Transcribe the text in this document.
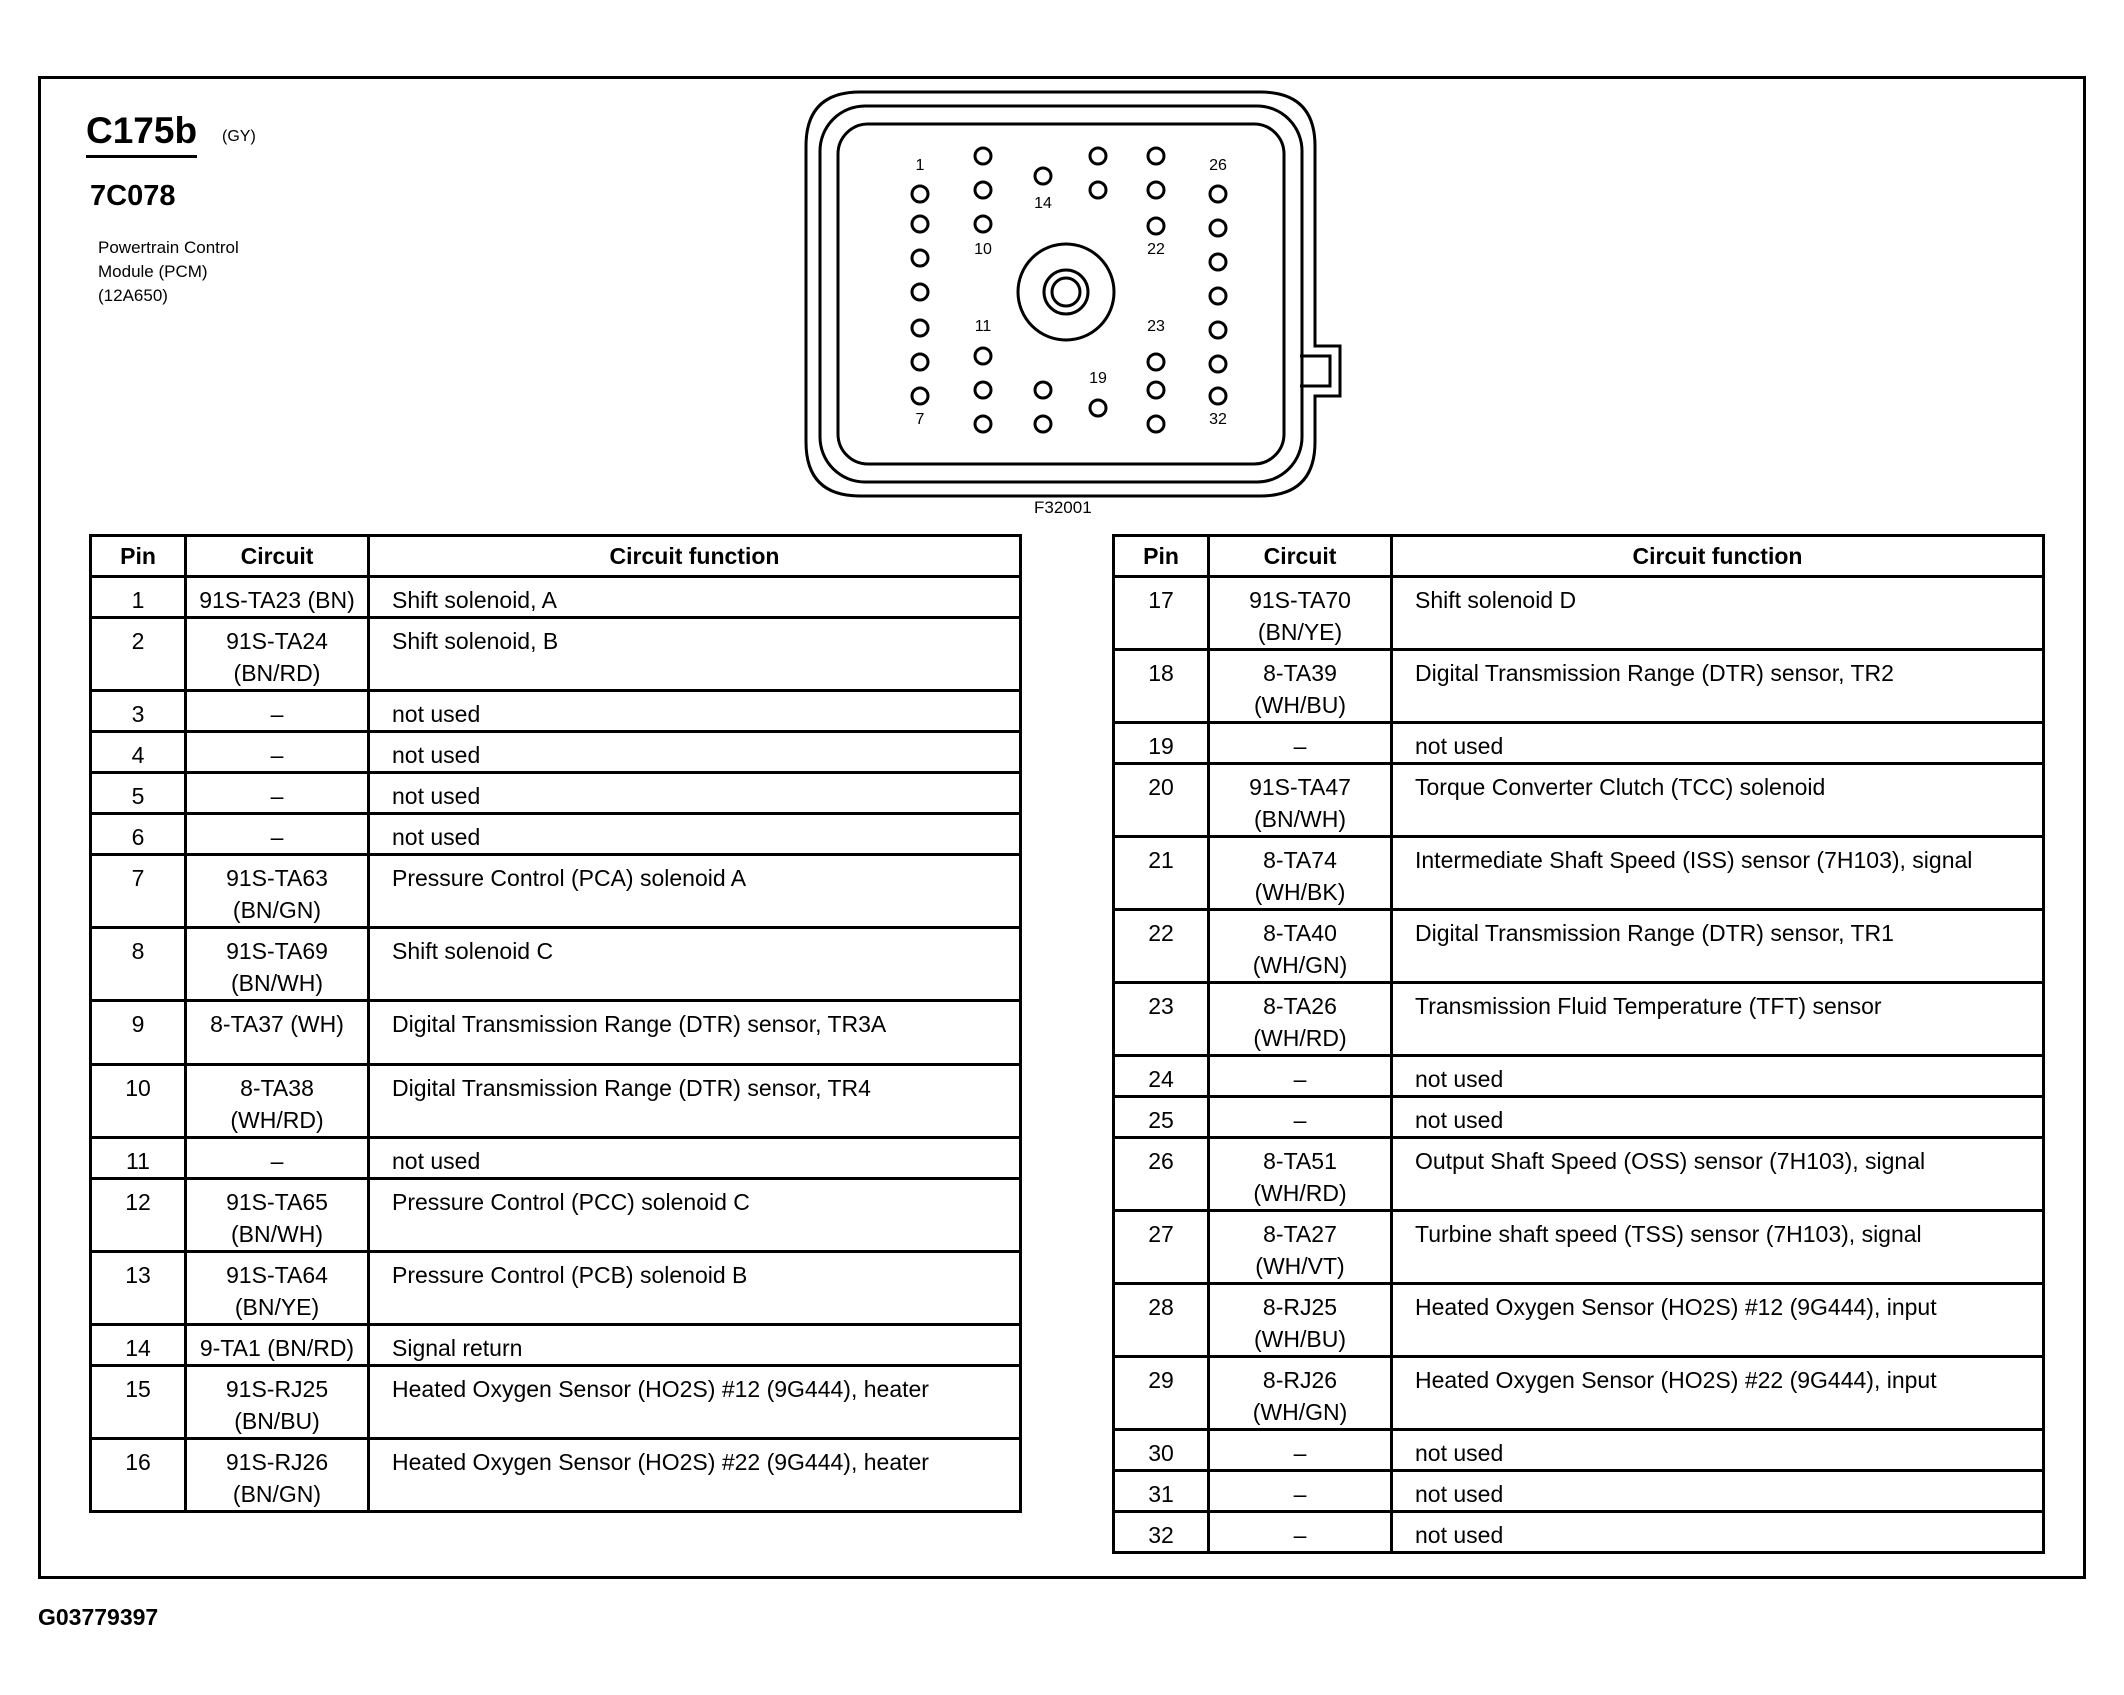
C175b (GY)
7C078
Powertrain Control
Module (PCM)
(12A650)
1	26
14
10	22
11	23
19
7	32
F32001
Pin	Circuit	Circuit function
1	91S-TA23 (BN)	Shift solenoid, A
2	91S-TA24
(BN/RD)	Shift solenoid, B
3	–	not used
4	–	not used
5	–	not used
6	–	not used
7	91S-TA63
(BN/GN)	Pressure Control (PCA) solenoid A
8	91S-TA69
(BN/WH)	Shift solenoid C
9	8-TA37 (WH)	Digital Transmission Range (DTR) sensor, TR3A
10	8-TA38
(WH/RD)	Digital Transmission Range (DTR) sensor, TR4
11	–	not used
12	91S-TA65
(BN/WH)	Pressure Control (PCC) solenoid C
13	91S-TA64
(BN/YE)	Pressure Control (PCB) solenoid B
14	9-TA1 (BN/RD)	Signal return
15	91S-RJ25
(BN/BU)	Heated Oxygen Sensor (HO2S) #12 (9G444), heater
16	91S-RJ26
(BN/GN)	Heated Oxygen Sensor (HO2S) #22 (9G444), heater
Pin	Circuit	Circuit function
17	91S-TA70
(BN/YE)	Shift solenoid D
18	8-TA39
(WH/BU)	Digital Transmission Range (DTR) sensor, TR2
19	–	not used
20	91S-TA47
(BN/WH)	Torque Converter Clutch (TCC) solenoid
21	8-TA74
(WH/BK)	Intermediate Shaft Speed (ISS) sensor (7H103), signal
22	8-TA40
(WH/GN)	Digital Transmission Range (DTR) sensor, TR1
23	8-TA26
(WH/RD)	Transmission Fluid Temperature (TFT) sensor
24	–	not used
25	–	not used
26	8-TA51
(WH/RD)	Output Shaft Speed (OSS) sensor (7H103), signal
27	8-TA27
(WH/VT)	Turbine shaft speed (TSS) sensor (7H103), signal
28	8-RJ25
(WH/BU)	Heated Oxygen Sensor (HO2S) #12 (9G444), input
29	8-RJ26
(WH/GN)	Heated Oxygen Sensor (HO2S) #22 (9G444), input
30	–	not used
31	–	not used
32	–	not used
G03779397
